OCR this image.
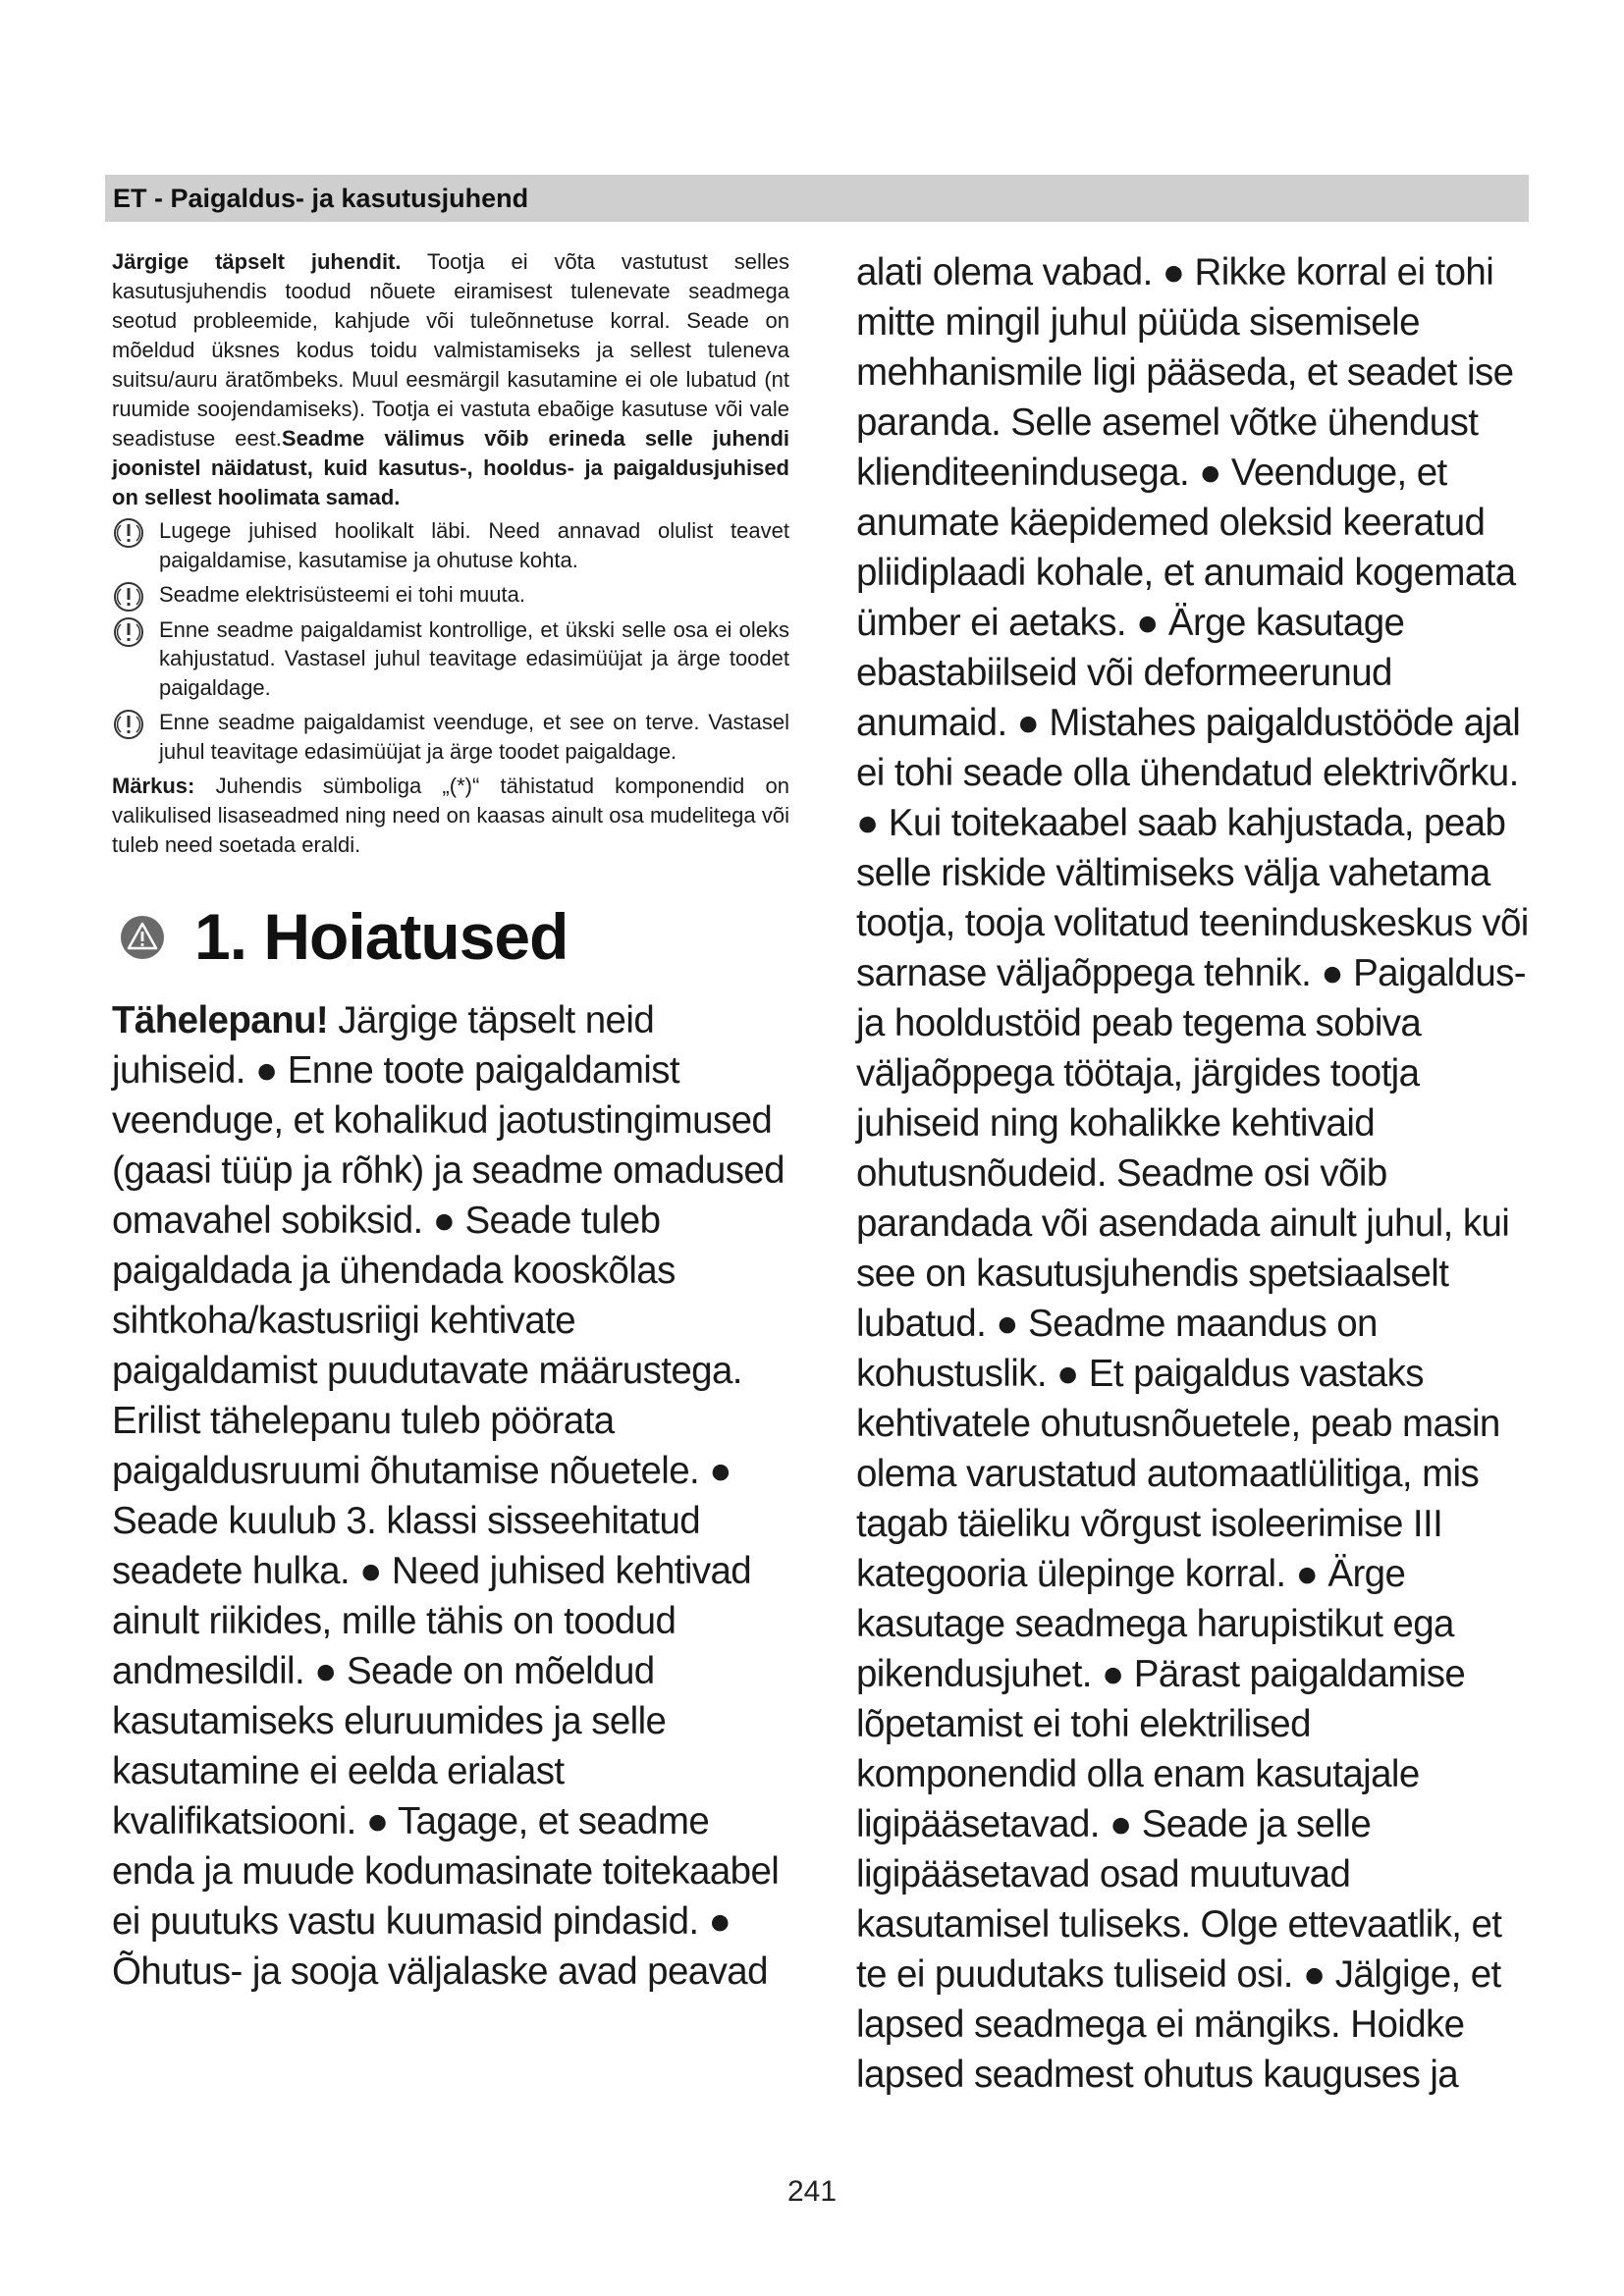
ET - Paigaldus- ja kasutusjuhend

Järgige täpselt juhendit. Tootja ei võta vastutust selles kasutusjuhendis toodud nõuete eiramisest tulenevate seadmega seotud probleemide, kahjude või tuleõnnetuse korral. Seade on mõeldud üksnes kodus toidu valmistamiseks ja sellest tuleneva suitsu/auru äratõmbeks. Muul eesmärgil kasutamine ei ole lubatud (nt ruumide soojendamiseks). Tootja ei vastuta ebaõige kasutuse või vale seadistuse eest.Seadme välimus võib erineda selle juhendi joonistel näidatust, kuid kasutus-, hooldus- ja paigaldusjuhised on sellest hoolimata samad.

Lugege juhised hoolikalt läbi. Need annavad olulist teavet paigaldamise, kasutamise ja ohutuse kohta.
Seadme elektrisüsteemi ei tohi muuta.
Enne seadme paigaldamist kontrollige, et ükski selle osa ei oleks kahjustatud. Vastasel juhul teavitage edasimüüjat ja ärge toodet paigaldage.
Enne seadme paigaldamist veenduge, et see on terve. Vastasel juhul teavitage edasimüüjat ja ärge toodet paigaldage.

Märkus: Juhendis sümboliga „(*)“ tähistatud komponendid on valikulised lisaseadmed ning need on kaasas ainult osa mudelitega või tuleb need soetada eraldi.

1. Hoiatused

Tähelepanu! Järgige täpselt neid juhiseid. ● Enne toote paigaldamist veenduge, et kohalikud jaotustingimused (gaasi tüüp ja rõhk) ja seadme omadused omavahel sobiksid. ● Seade tuleb paigaldada ja ühendada kooskõlas sihtkoha/kastusriigi kehtivate paigaldamist puudutavate määrustega. Erilist tähelepanu tuleb pöörata paigaldusruumi õhutamise nõuetele. ● Seade kuulub 3. klassi sisseehitatud seadete hulka. ● Need juhised kehtivad ainult riikides, mille tähis on toodud andmesildil. ● Seade on mõeldud kasutamiseks eluruumides ja selle kasutamine ei eelda erialast kvalifikatsiooni. ● Tagage, et seadme enda ja muude kodumasinate toitekaabel ei puutuks vastu kuumasid pindasid. ● Õhutus- ja sooja väljalaske avad peavad

alati olema vabad. ● Rikke korral ei tohi mitte mingil juhul püüda sisemisele mehhanismile ligi pääseda, et seadet ise paranda. Selle asemel võtke ühendust klienditeenindusega. ● Veenduge, et anumate käepidemed oleksid keeratud pliidiplaadi kohale, et anumaid kogemata ümber ei aetaks. ● Ärge kasutage ebastabiilseid või deformeerunud anumaid. ● Mistahes paigaldustööde ajal ei tohi seade olla ühendatud elektrivõrku. ● Kui toitekaabel saab kahjustada, peab selle riskide vältimiseks välja vahetama tootja, tooja volitatud teeninduskeskus või sarnase väljaõppega tehnik. ● Paigaldus- ja hooldustöid peab tegema sobiva väljaõppega töötaja, järgides tootja juhiseid ning kohalikke kehtivaid ohutusnõudeid. Seadme osi võib parandada või asendada ainult juhul, kui see on kasutusjuhendis spetsiaalselt lubatud. ● Seadme maandus on kohustuslik. ● Et paigaldus vastaks kehtivatele ohutusnõuetele, peab masin olema varustatud automaatlülitiga, mis tagab täieliku võrgust isoleerimise III kategooria ülepinge korral. ● Ärge kasutage seadmega harupistikut ega pikendusjuhet. ● Pärast paigaldamise lõpetamist ei tohi elektrilised komponendid olla enam kasutajale ligipääsetavad. ● Seade ja selle ligipääsetavad osad muutuvad kasutamisel tuliseks. Olge ettevaatlik, et te ei puudutaks tuliseid osi. ● Jälgige, et lapsed seadmega ei mängiks. Hoidke lapsed seadmest ohutus kauguses ja

241
